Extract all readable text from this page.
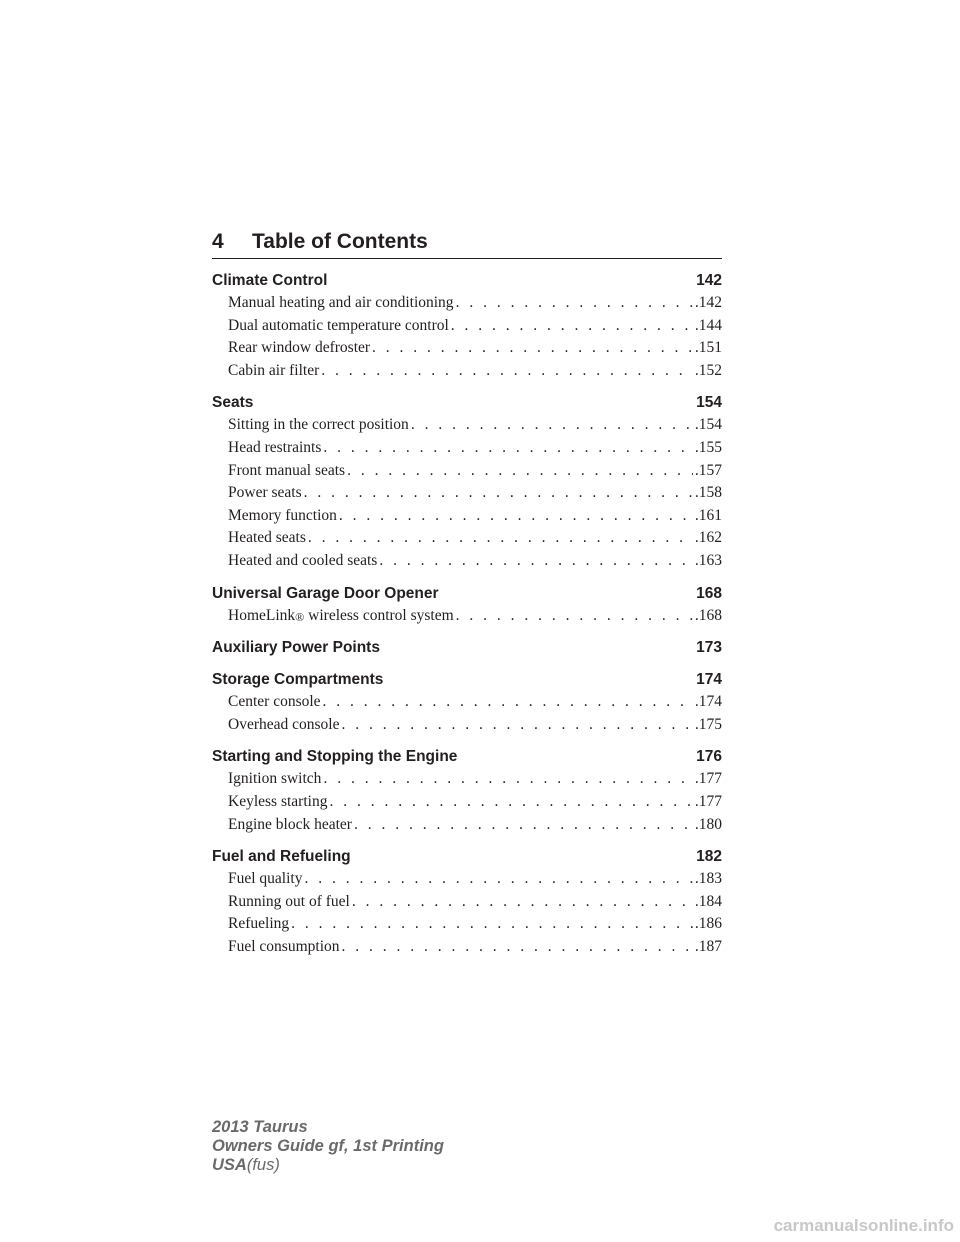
4	Table of Contents
Climate Control	142
Manual heating and air conditioning . . .	.142
Dual automatic temperature control . . .	.144
Rear window defroster . . .	.151
Cabin air filter . . .	.152
Seats	154
Sitting in the correct position . . .	.154
Head restraints . . .	.155
Front manual seats . . .	.157
Power seats . . .	.158
Memory function . . .	.161
Heated seats . . .	.162
Heated and cooled seats . . .	.163
Universal Garage Door Opener	168
HomeLink® wireless control system . . .	.168
Auxiliary Power Points	173
Storage Compartments	174
Center console . . .	.174
Overhead console . . .	.175
Starting and Stopping the Engine	176
Ignition switch . . .	.177
Keyless starting . . .	.177
Engine block heater . . .	.180
Fuel and Refueling	182
Fuel quality . . .	.183
Running out of fuel . . .	.184
Refueling . . .	.186
Fuel consumption . . .	.187
2013 Taurus
Owners Guide gf, 1st Printing
USA(fus)
carmanualsonline.info
